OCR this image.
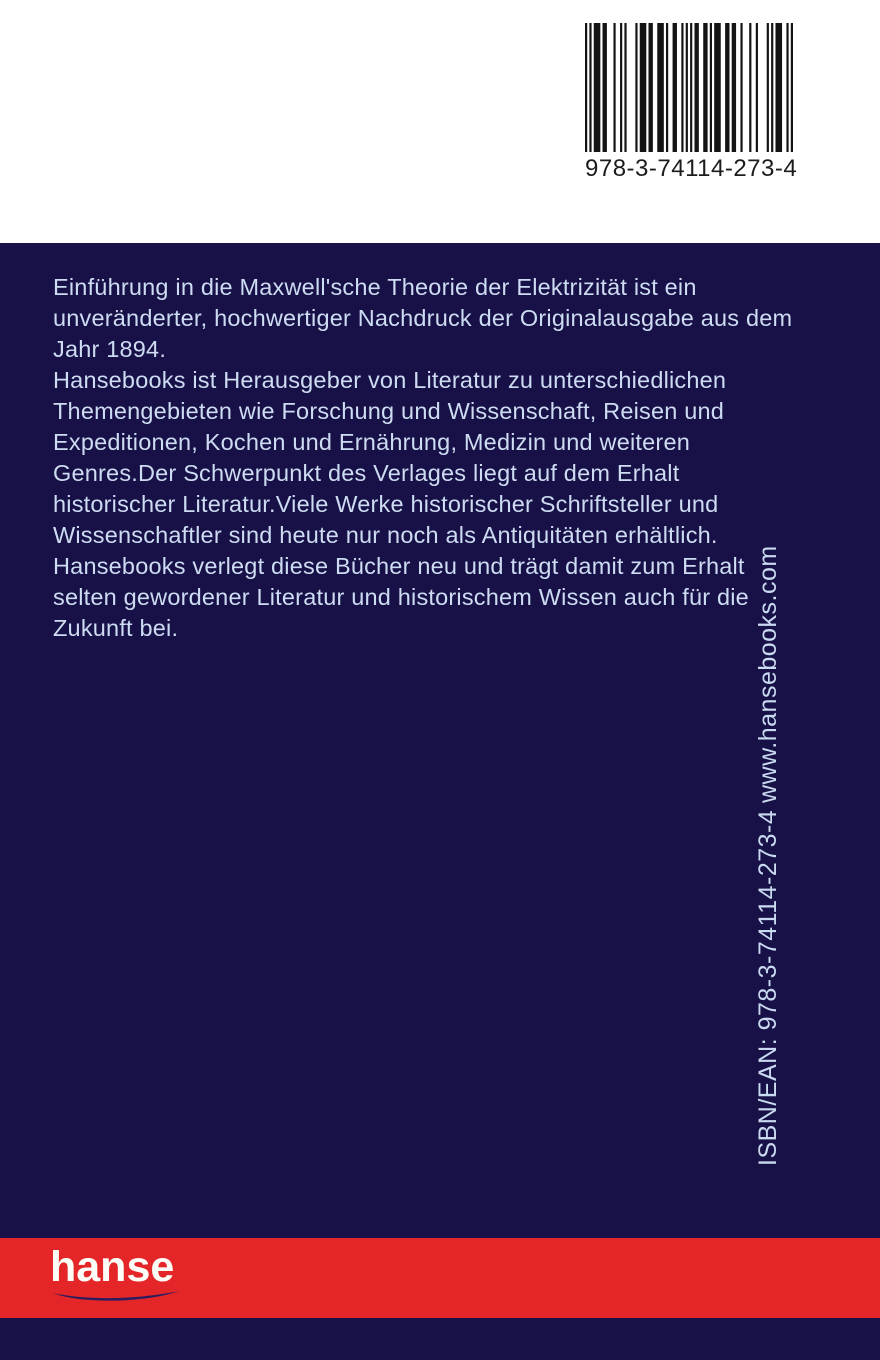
978-3-74114-273-4
Einführung in die Maxwell'sche Theorie der Elektrizität ist ein
unveränderter, hochwertiger Nachdruck der Originalausgabe aus dem
Jahr 1894.
Hansebooks ist Herausgeber von Literatur zu unterschiedlichen
Themengebieten wie Forschung und Wissenschaft, Reisen und
Expeditionen, Kochen und Ernährung, Medizin und weiteren
Genres.Der Schwerpunkt des Verlages liegt auf dem Erhalt
historischer Literatur.Viele Werke historischer Schriftsteller und
Wissenschaftler sind heute nur noch als Antiquitäten erhältlich.
Hansebooks verlegt diese Bücher neu und trägt damit zum Erhalt
selten gewordener Literatur und historischem Wissen auch für die
Zukunft bei.
ISBN/EAN: 978-3-74114-273-4
www.hansebooks.com
hanse
